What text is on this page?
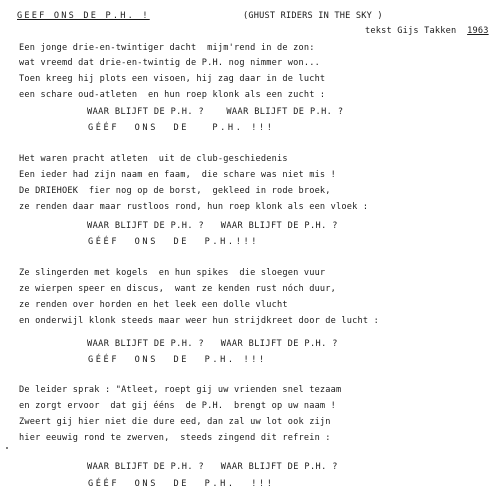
GEEF ONS DE P.H. !	(GHUST RIDERS IN THE SKY )
tekst Gijs Takken 1963
Een jonge drie-en-twintiger dacht  mijm'rend in de zon:
wat vreemd dat drie-en-twintig de P.H. nog nimmer won...
Toen kreeg hij plots een visoen, hij zag daar in de lucht
een schare oud-atleten  en hun roep klonk als een zucht :
WAAR BLIJFT DE P.H. ?    WAAR BLIJFT DE P.H. ?
GÉÉF  ONS  DE   P.H. !!!
Het waren pracht atleten  uit de club-geschiedenis
Een ieder had zijn naam en faam,  die schare was niet mis !
De DRIEHOEK  fier nog op de borst,  gekleed in rode broek,
ze renden daar maar rustloos rond, hun roep klonk als een vloek :
WAAR BLIJFT DE P.H. ?   WAAR BLIJFT DE P.H. ?
GÉÉF  ONS  DE  P.H.!!!
Ze slingerden met kogels  en hun spikes  die sloegen vuur
ze wierpen speer en discus,  want ze kenden rust nóch duur,
ze renden over horden en het leek een dolle vlucht
en onderwijl klonk steeds maar weer hun strijdkreet door de lucht :
WAAR BLIJFT DE P.H. ?   WAAR BLIJFT DE P.H. ?
GÉÉF  ONS  DE  P.H. !!!
De leider sprak : "Atleet, roept gij uw vrienden snel tezaam
en zorgt ervoor  dat gij ééns  de P.H.  brengt op uw naam !
Zweert gij hier niet die dure eed, dan zal uw lot ook zijn
hier eeuwig rond te zwerven,  steeds zingend dit refrein :
WAAR BLIJFT DE P.H. ?   WAAR BLIJFT DE P.H. ?
GÉÉF  ONS  DE  P.H.  !!!
